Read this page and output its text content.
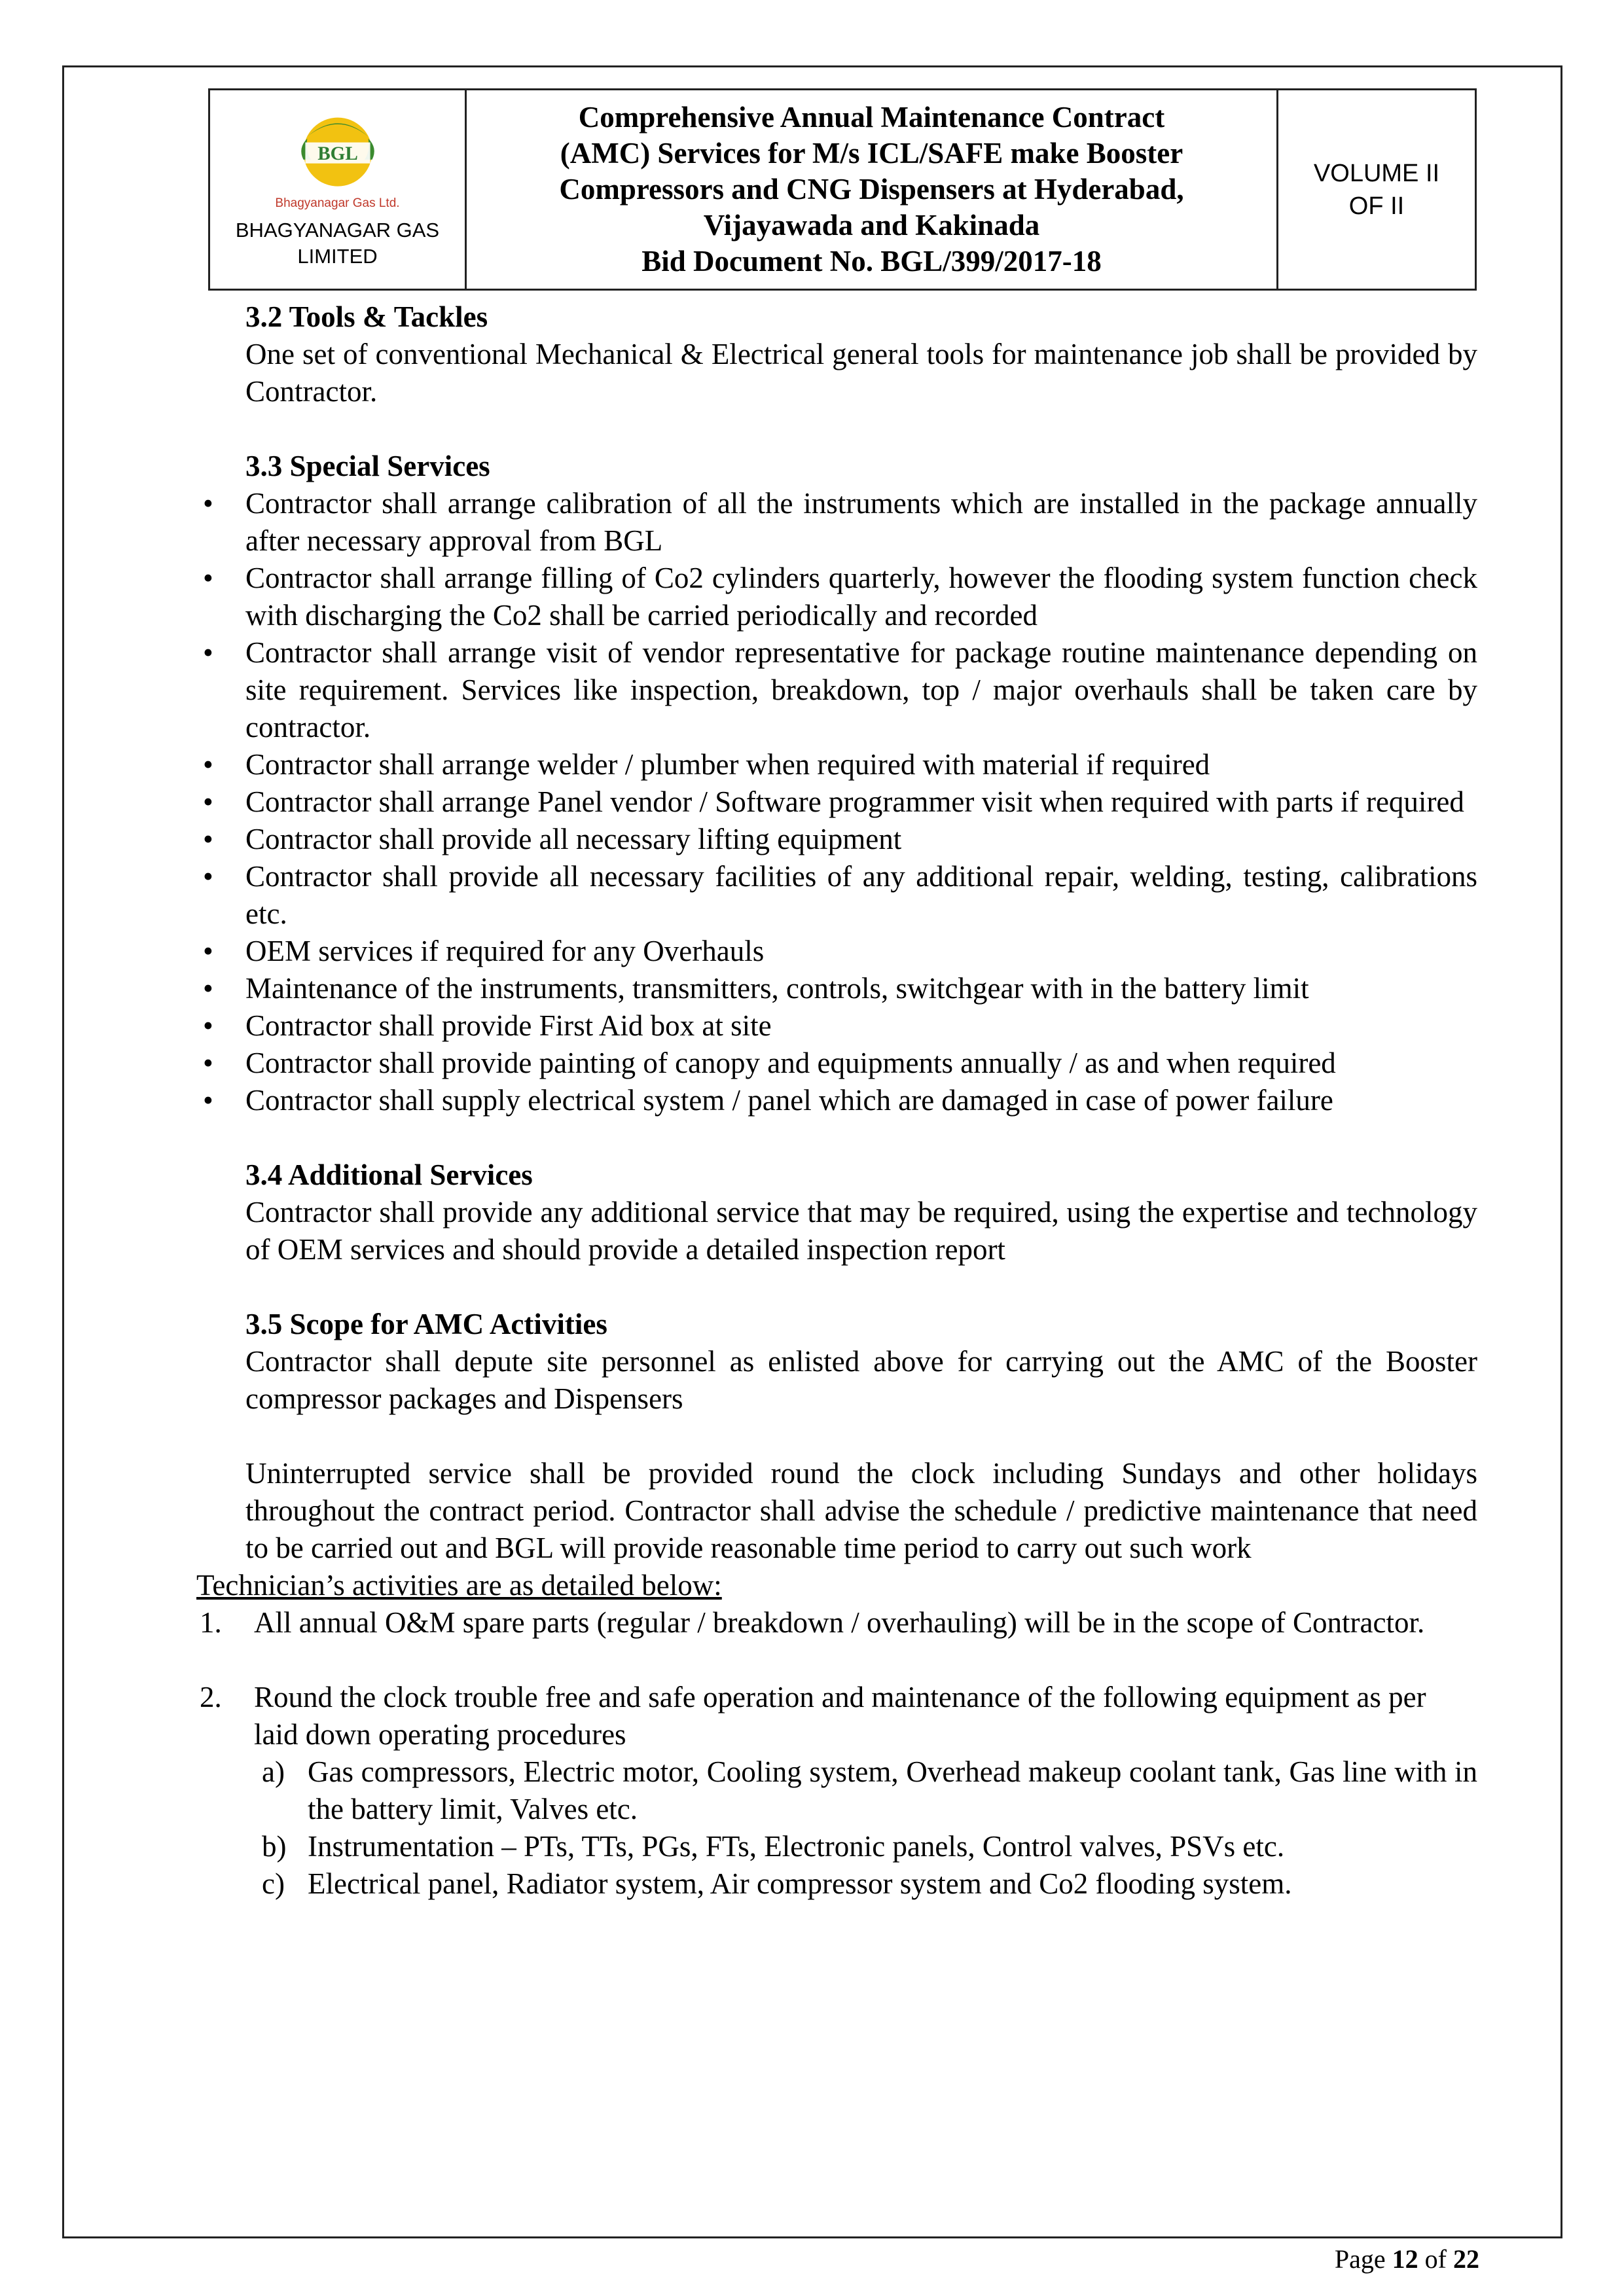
BGL
Bhagyanagar Gas Ltd.
BHAGYANAGAR GAS
LIMITED
Comprehensive Annual Maintenance Contract
(AMC) Services for M/s ICL/SAFE make Booster
Compressors and CNG Dispensers at Hyderabad,
Vijayawada and Kakinada
Bid Document No. BGL/399/2017-18
VOLUME II
OF II
3.2 Tools & Tackles
One set of conventional Mechanical & Electrical general tools for maintenance job shall be provided by Contractor.
3.3 Special Services
•	Contractor shall arrange calibration of all the instruments which are installed in the package annually after necessary approval from BGL
•	Contractor shall arrange filling of Co2 cylinders quarterly, however the flooding system function check with discharging the Co2 shall be carried periodically and recorded
•	Contractor shall arrange visit of vendor representative for package routine maintenance depending on site requirement. Services like inspection, breakdown, top / major overhauls shall be taken care by contractor.
•	Contractor shall arrange welder / plumber when required with material if required
•	Contractor shall arrange Panel vendor / Software programmer visit when required with parts if required
•	Contractor shall provide all necessary lifting equipment
•	Contractor shall provide all necessary facilities of any additional repair, welding, testing, calibrations etc.
•	OEM services if required for any Overhauls
•	Maintenance of the instruments, transmitters, controls, switchgear with in the battery limit
•	Contractor shall provide First Aid box at site
•	Contractor shall provide painting of canopy and equipments annually / as and when required
•	Contractor shall supply electrical system / panel which are damaged in case of power failure
3.4 Additional Services
Contractor shall provide any additional service that may be required, using the expertise and technology of OEM services and should provide a detailed inspection report
3.5 Scope for AMC Activities
Contractor shall depute site personnel as enlisted above for carrying out the AMC of the Booster compressor packages and Dispensers
Uninterrupted service shall be provided round the clock including Sundays and other holidays throughout the contract period. Contractor shall advise the schedule / predictive maintenance that need to be carried out and BGL will provide reasonable time period to carry out such work
Technician’s activities are as detailed below:
1.	All annual O&M spare parts (regular / breakdown / overhauling) will be in the scope of Contractor.
2.	Round the clock trouble free and safe operation and maintenance of the following equipment as per laid down operating procedures
a) Gas compressors, Electric motor, Cooling system, Overhead makeup coolant tank, Gas line with in the battery limit, Valves etc.
b) Instrumentation – PTs, TTs, PGs, FTs, Electronic panels, Control valves, PSVs etc.
c) Electrical panel, Radiator system, Air compressor system and Co2 flooding system.
Page 12 of 22
